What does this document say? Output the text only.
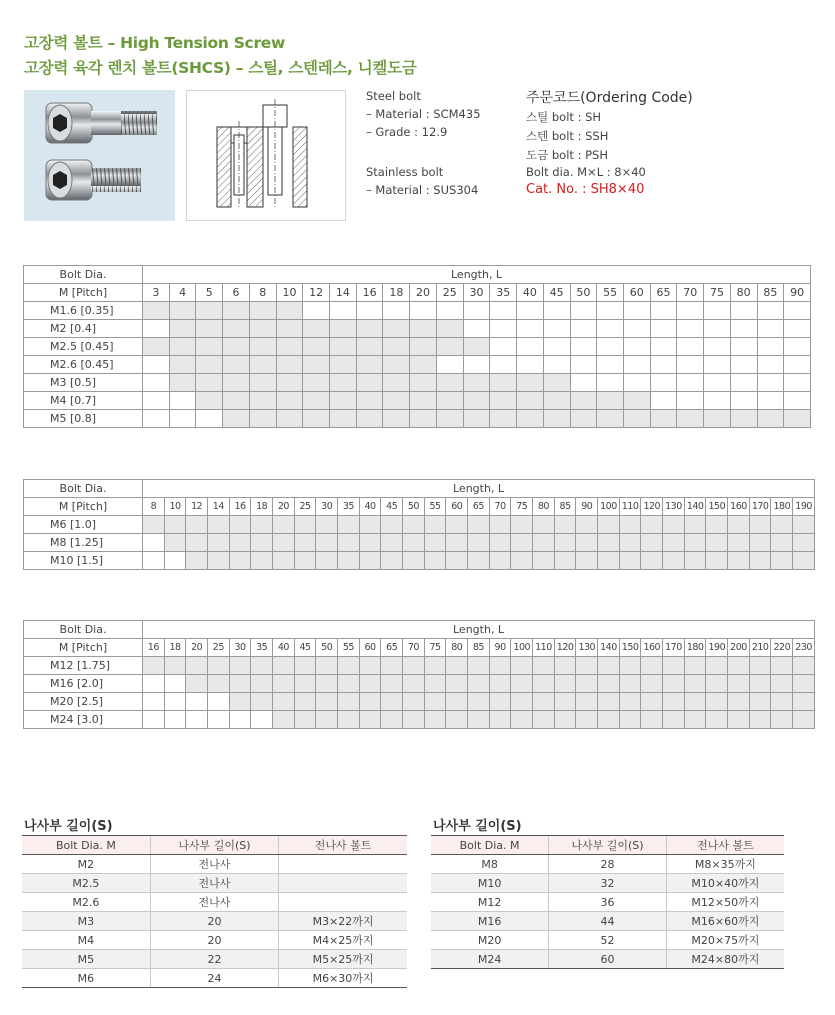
고장력 볼트 – High Tension Screw
고장력 육각 렌치 볼트(SHCS) – 스틸, 스텐레스, 니켈도금
Steel bolt
– Material : SCM435
– Grade : 12.9
Stainless bolt
– Material : SUS304
주문코드(Ordering Code)
스틸 bolt : SH
스텐 bolt : SSH
도금 bolt : PSH
Bolt dia. M×L : 8×40
Cat. No. : SH8×40
Bolt Dia.	Length, L																								
M [Pitch]	3	4	5	6	8	10	12	14	16	18	20	25	30	35	40	45	50	55	60	65	70	75	80	85	90
M1.6 [0.35]																									
M2 [0.4]																									
M2.5 [0.45]																									
M2.6 [0.45]																									
M3 [0.5]																									
M4 [0.7]																									
M5 [0.8]																									
Bolt Dia.	Length, L																														
M [Pitch]	8	10	12	14	16	18	20	25	30	35	40	45	50	55	60	65	70	75	80	85	90	100	110	120	130	140	150	160	170	180	190
M6 [1.0]																															
M8 [1.25]																															
M10 [1.5]																															
Bolt Dia.	Length, L																														
M [Pitch]	16	18	20	25	30	35	40	45	50	55	60	65	70	75	80	85	90	100	110	120	130	140	150	160	170	180	190	200	210	220	230
M12 [1.75]																															
M16 [2.0]																															
M20 [2.5]																															
M24 [3.0]																															
나사부 길이(S)
Bolt Dia. M	나사부 길이(S)	전나사 볼트
M2	전나사	
M2.5	전나사	
M2.6	전나사	
M3	20	M3×22까지
M4	20	M4×25까지
M5	22	M5×25까지
M6	24	M6×30까지
나사부 길이(S)
Bolt Dia. M	나사부 길이(S)	전나사 볼트
M8	28	M8×35까지
M10	32	M10×40까지
M12	36	M12×50까지
M16	44	M16×60까지
M20	52	M20×75까지
M24	60	M24×80까지
